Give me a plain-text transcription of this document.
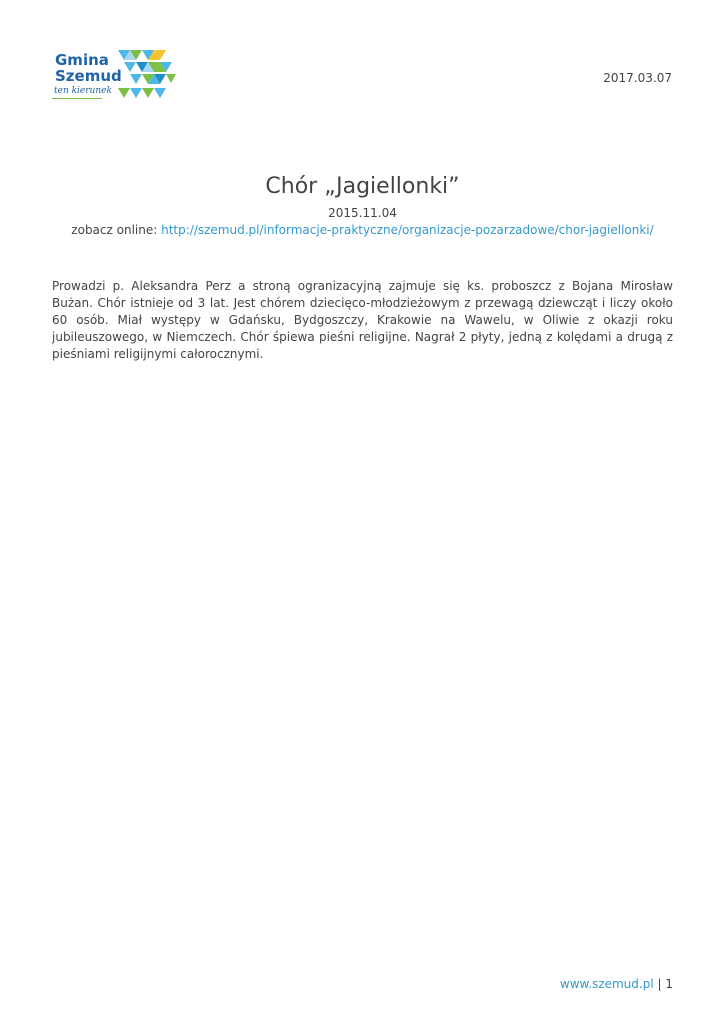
Gmina
Szemud
ten kierunek
2017.03.07
Chór „Jagiellonki”
2015.11.04
zobacz online: http://szemud.pl/informacje-praktyczne/organizacje-pozarzadowe/chor-jagiellonki/

Prowadzi p. Aleksandra Perz a stroną ogranizacyjną zajmuje się ks. proboszcz z Bojana Mirosław Bużan. Chór istnieje od 3 lat. Jest chórem dziecięco-młodzieżowym z przewagą dziewcząt i liczy około 60 osób. Miał występy w Gdańsku, Bydgoszczy, Krakowie na Wawelu, w Oliwie z okazji roku jubileuszowego, w Niemczech. Chór śpiewa pieśni religijne. Nagrał 2 płyty, jedną z kolędami a drugą z pieśniami religijnymi całorocznymi.

www.szemud.pl | 1
